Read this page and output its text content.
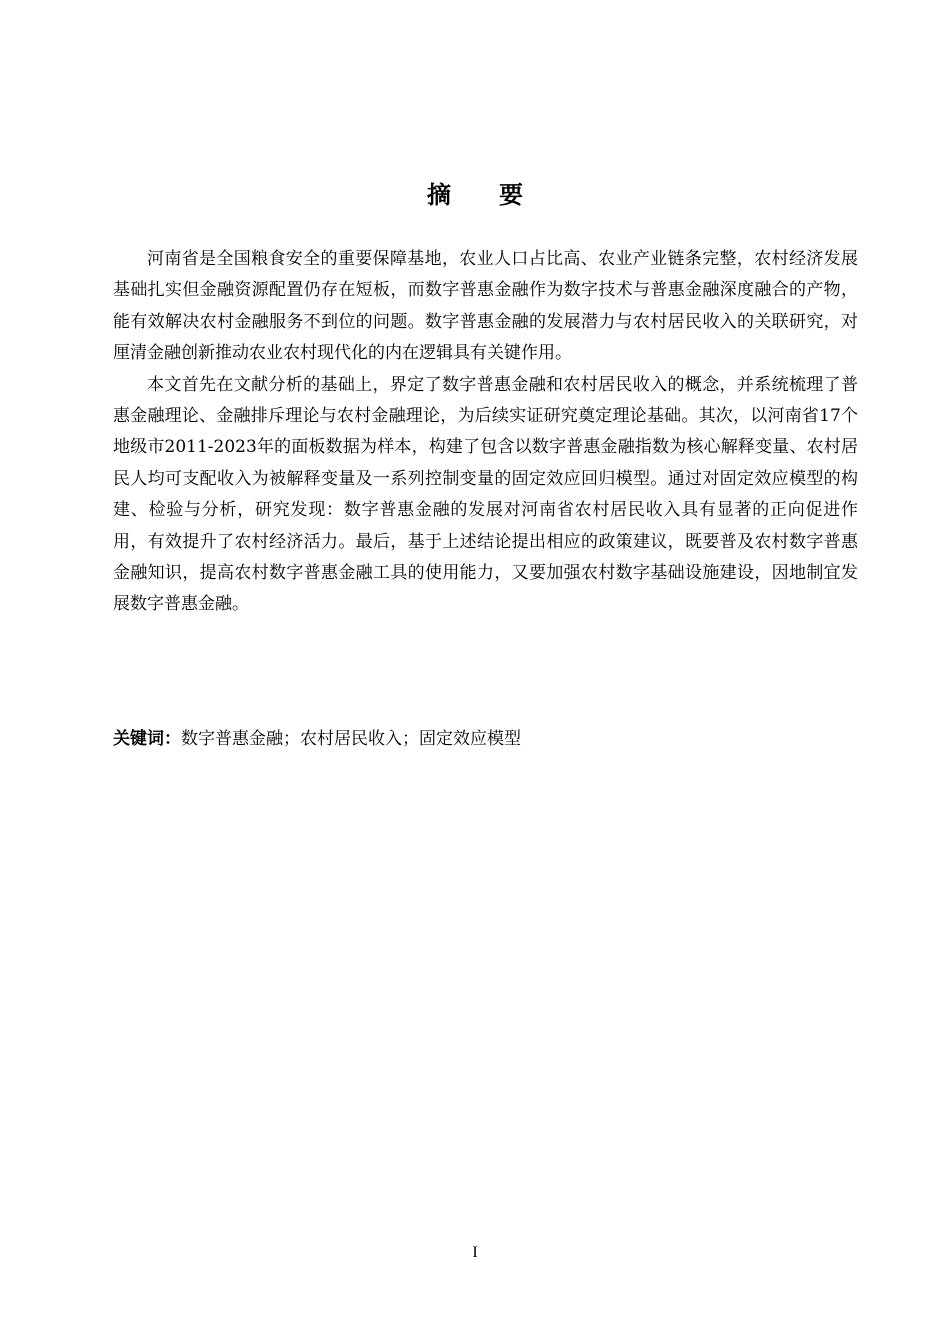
摘 要

河南省是全国粮食安全的重要保障基地，农业人口占比高、农业产业链条完整，农村经济发展基础扎实但金融资源配置仍存在短板，而数字普惠金融作为数字技术与普惠金融深度融合的产物，能有效解决农村金融服务不到位的问题。数字普惠金融的发展潜力与农村居民收入的关联研究，对厘清金融创新推动农业农村现代化的内在逻辑具有关键作用。

本文首先在文献分析的基础上，界定了数字普惠金融和农村居民收入的概念，并系统梳理了普惠金融理论、金融排斥理论与农村金融理论，为后续实证研究奠定理论基础。其次，以河南省17个地级市2011-2023年的面板数据为样本，构建了包含以数字普惠金融指数为核心解释变量、农村居民人均可支配收入为被解释变量及一系列控制变量的固定效应回归模型。通过对固定效应模型的构建、检验与分析，研究发现：数字普惠金融的发展对河南省农村居民收入具有显著的正向促进作用，有效提升了农村经济活力。最后，基于上述结论提出相应的政策建议，既要普及农村数字普惠金融知识，提高农村数字普惠金融工具的使用能力，又要加强农村数字基础设施建设，因地制宜发展数字普惠金融。

关键词：数字普惠金融；农村居民收入；固定效应模型
I
